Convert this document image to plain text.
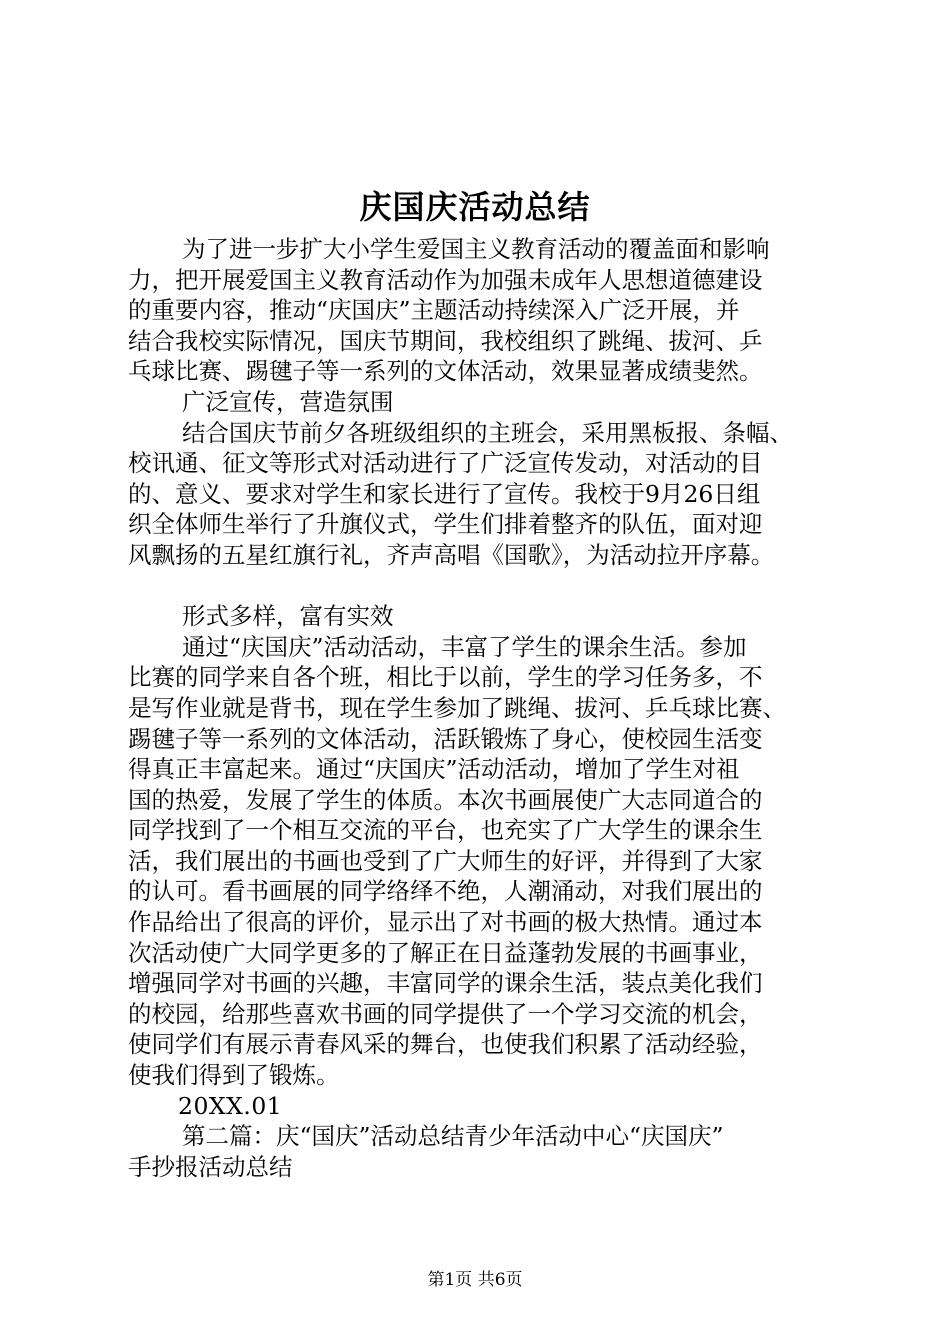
庆国庆活动总结
为了进一步扩大小学生爱国主义教育活动的覆盖面和影响
力，把开展爱国主义教育活动作为加强未成年人思想道德建设
的重要内容，推动“庆国庆”主题活动持续深入广泛开展，并
结合我校实际情况，国庆节期间，我校组织了跳绳、拔河、乒
乓球比赛、踢毽子等一系列的文体活动，效果显著成绩斐然。
广泛宣传，营造氛围
结合国庆节前夕各班级组织的主班会，采用黑板报、条幅、
校讯通、征文等形式对活动进行了广泛宣传发动，对活动的目
的、意义、要求对学生和家长进行了宣传。我校于9月26日组
织全体师生举行了升旗仪式，学生们排着整齐的队伍，面对迎
风飘扬的五星红旗行礼，齐声高唱《国歌》，为活动拉开序幕。
形式多样，富有实效
通过“庆国庆”活动活动，丰富了学生的课余生活。参加
比赛的同学来自各个班，相比于以前，学生的学习任务多，不
是写作业就是背书，现在学生参加了跳绳、拔河、乒乓球比赛、
踢毽子等一系列的文体活动，活跃锻炼了身心，使校园生活变
得真正丰富起来。通过“庆国庆”活动活动，增加了学生对祖
国的热爱，发展了学生的体质。本次书画展使广大志同道合的
同学找到了一个相互交流的平台，也充实了广大学生的课余生
活，我们展出的书画也受到了广大师生的好评，并得到了大家
的认可。看书画展的同学络绎不绝，人潮涌动，对我们展出的
作品给出了很高的评价，显示出了对书画的极大热情。通过本
次活动使广大同学更多的了解正在日益蓬勃发展的书画事业，
增强同学对书画的兴趣，丰富同学的课余生活，装点美化我们
的校园，给那些喜欢书画的同学提供了一个学习交流的机会，
使同学们有展示青春风采的舞台，也使我们积累了活动经验，
使我们得到了锻炼。
20XX.01
第二篇：庆“国庆”活动总结青少年活动中心“庆国庆”
手抄报活动总结
第1页 共6页
